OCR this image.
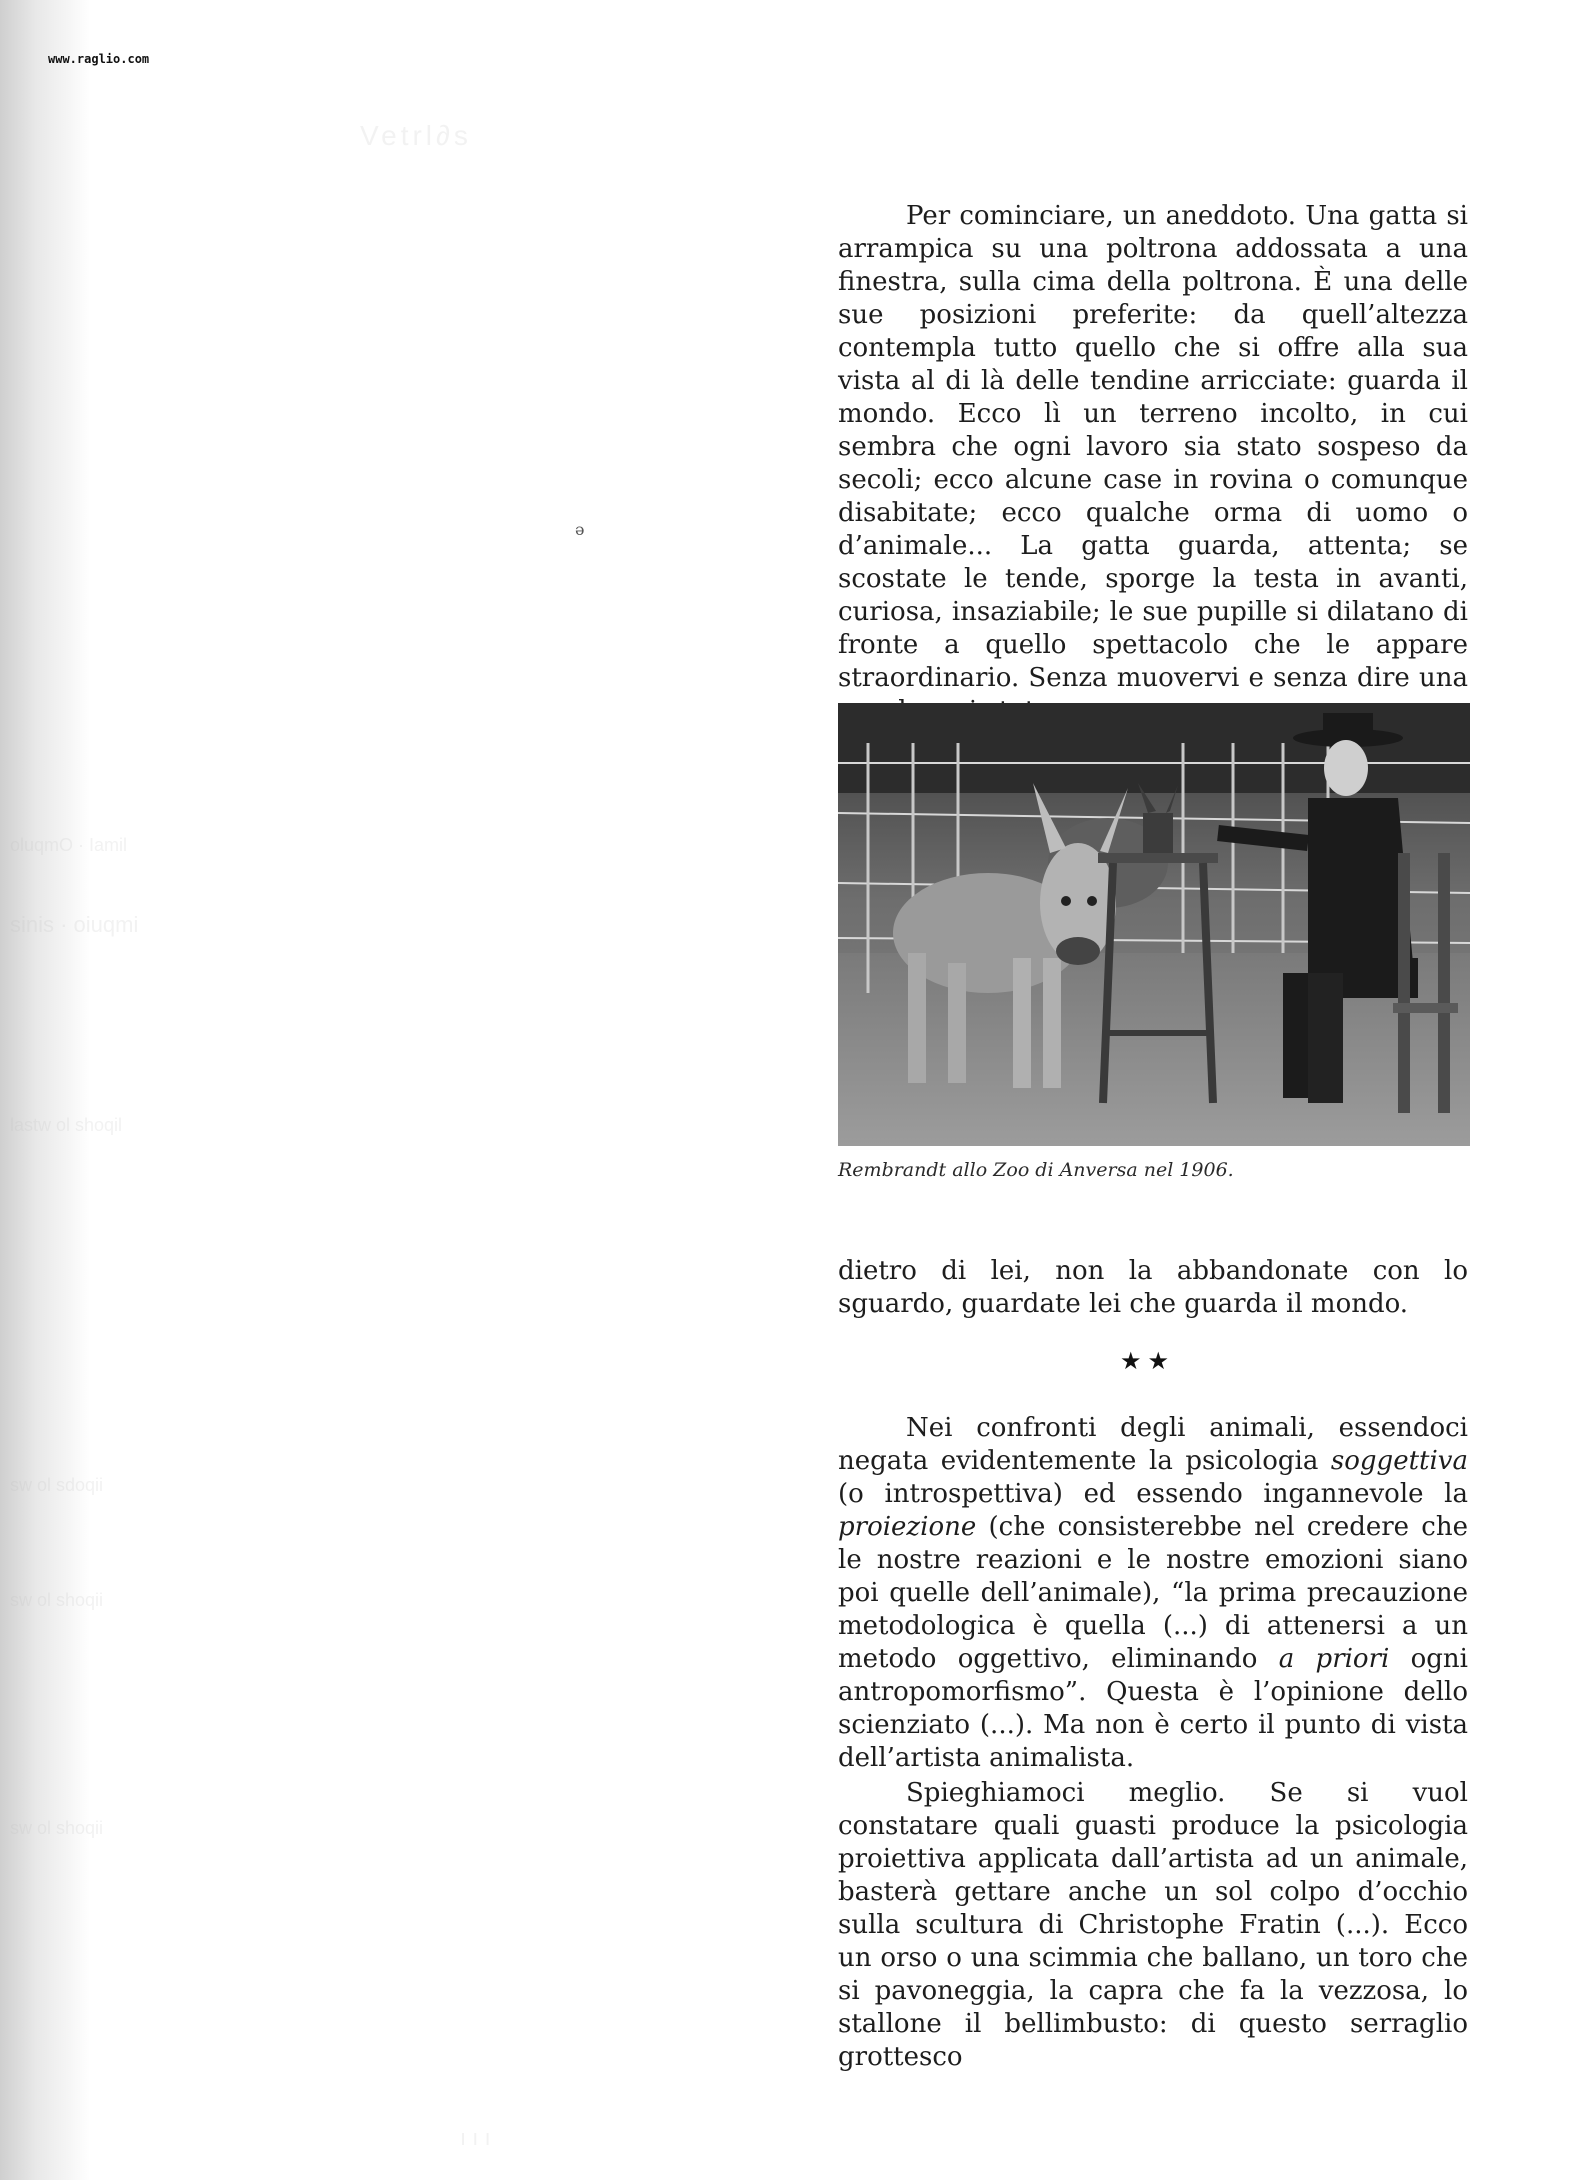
Vetrl∂s
oluqmO · Iamil
sinis · oiuqmi
lastw ol shoqil
sw ol sdoqii
sw ol shoqii
sw ol shoqii
ı ı ı
www.raglio.com
ə

Per cominciare, un aneddoto. Una gatta si arrampica su una poltrona addossata a una finestra, sulla cima della poltrona. È una delle sue posizioni preferite: da quell’altezza contempla tutto quello che si offre alla sua vista al di là delle tendine arricciate: guarda il mondo. Ecco lì un terreno incolto, in cui sembra che ogni lavoro sia stato sospeso da secoli; ecco alcune case in rovina o comunque disabitate; ecco qualche orma di uomo o d’animale... La gatta guarda, attenta; se scostate le tende, sporge la testa in avanti, curiosa, insaziabile; le sue pupille si dilatano di fronte a quello spettacolo che le appare straordinario. Senza muovervi e senza dire una

Rembrandt allo Zoo di Anversa nel 1906.

dietro di lei, non la abbandonate con lo sguardo, guardate lei che guarda il mondo.

★★

Nei confronti degli animali, essendoci negata evidentemente la psicologia soggettiva (o introspettiva) ed essendo ingannevole la proiezione (che consisterebbe nel credere che le nostre reazioni e le nostre emozioni siano poi quelle dell’animale), “la prima precauzione metodologica è quella (...) di attenersi a un metodo oggettivo, eliminando a priori ogni antropomorfismo”. Questa è l’opinione dello scienziato (...). Ma non è certo il punto di vista dell’artista animalista.

Spieghiamoci meglio. Se si vuol constatare quali guasti produce la psicologia proiettiva applicata dall’artista ad un animale, basterà gettare anche un sol colpo d’occhio sulla scultura di Christophe Fratin (...). Ecco un orso o una scimmia che ballano, un toro che si pavoneggia, la capra che fa la vezzosa, lo stallone il bellimbusto: di questo serraglio grottesco
